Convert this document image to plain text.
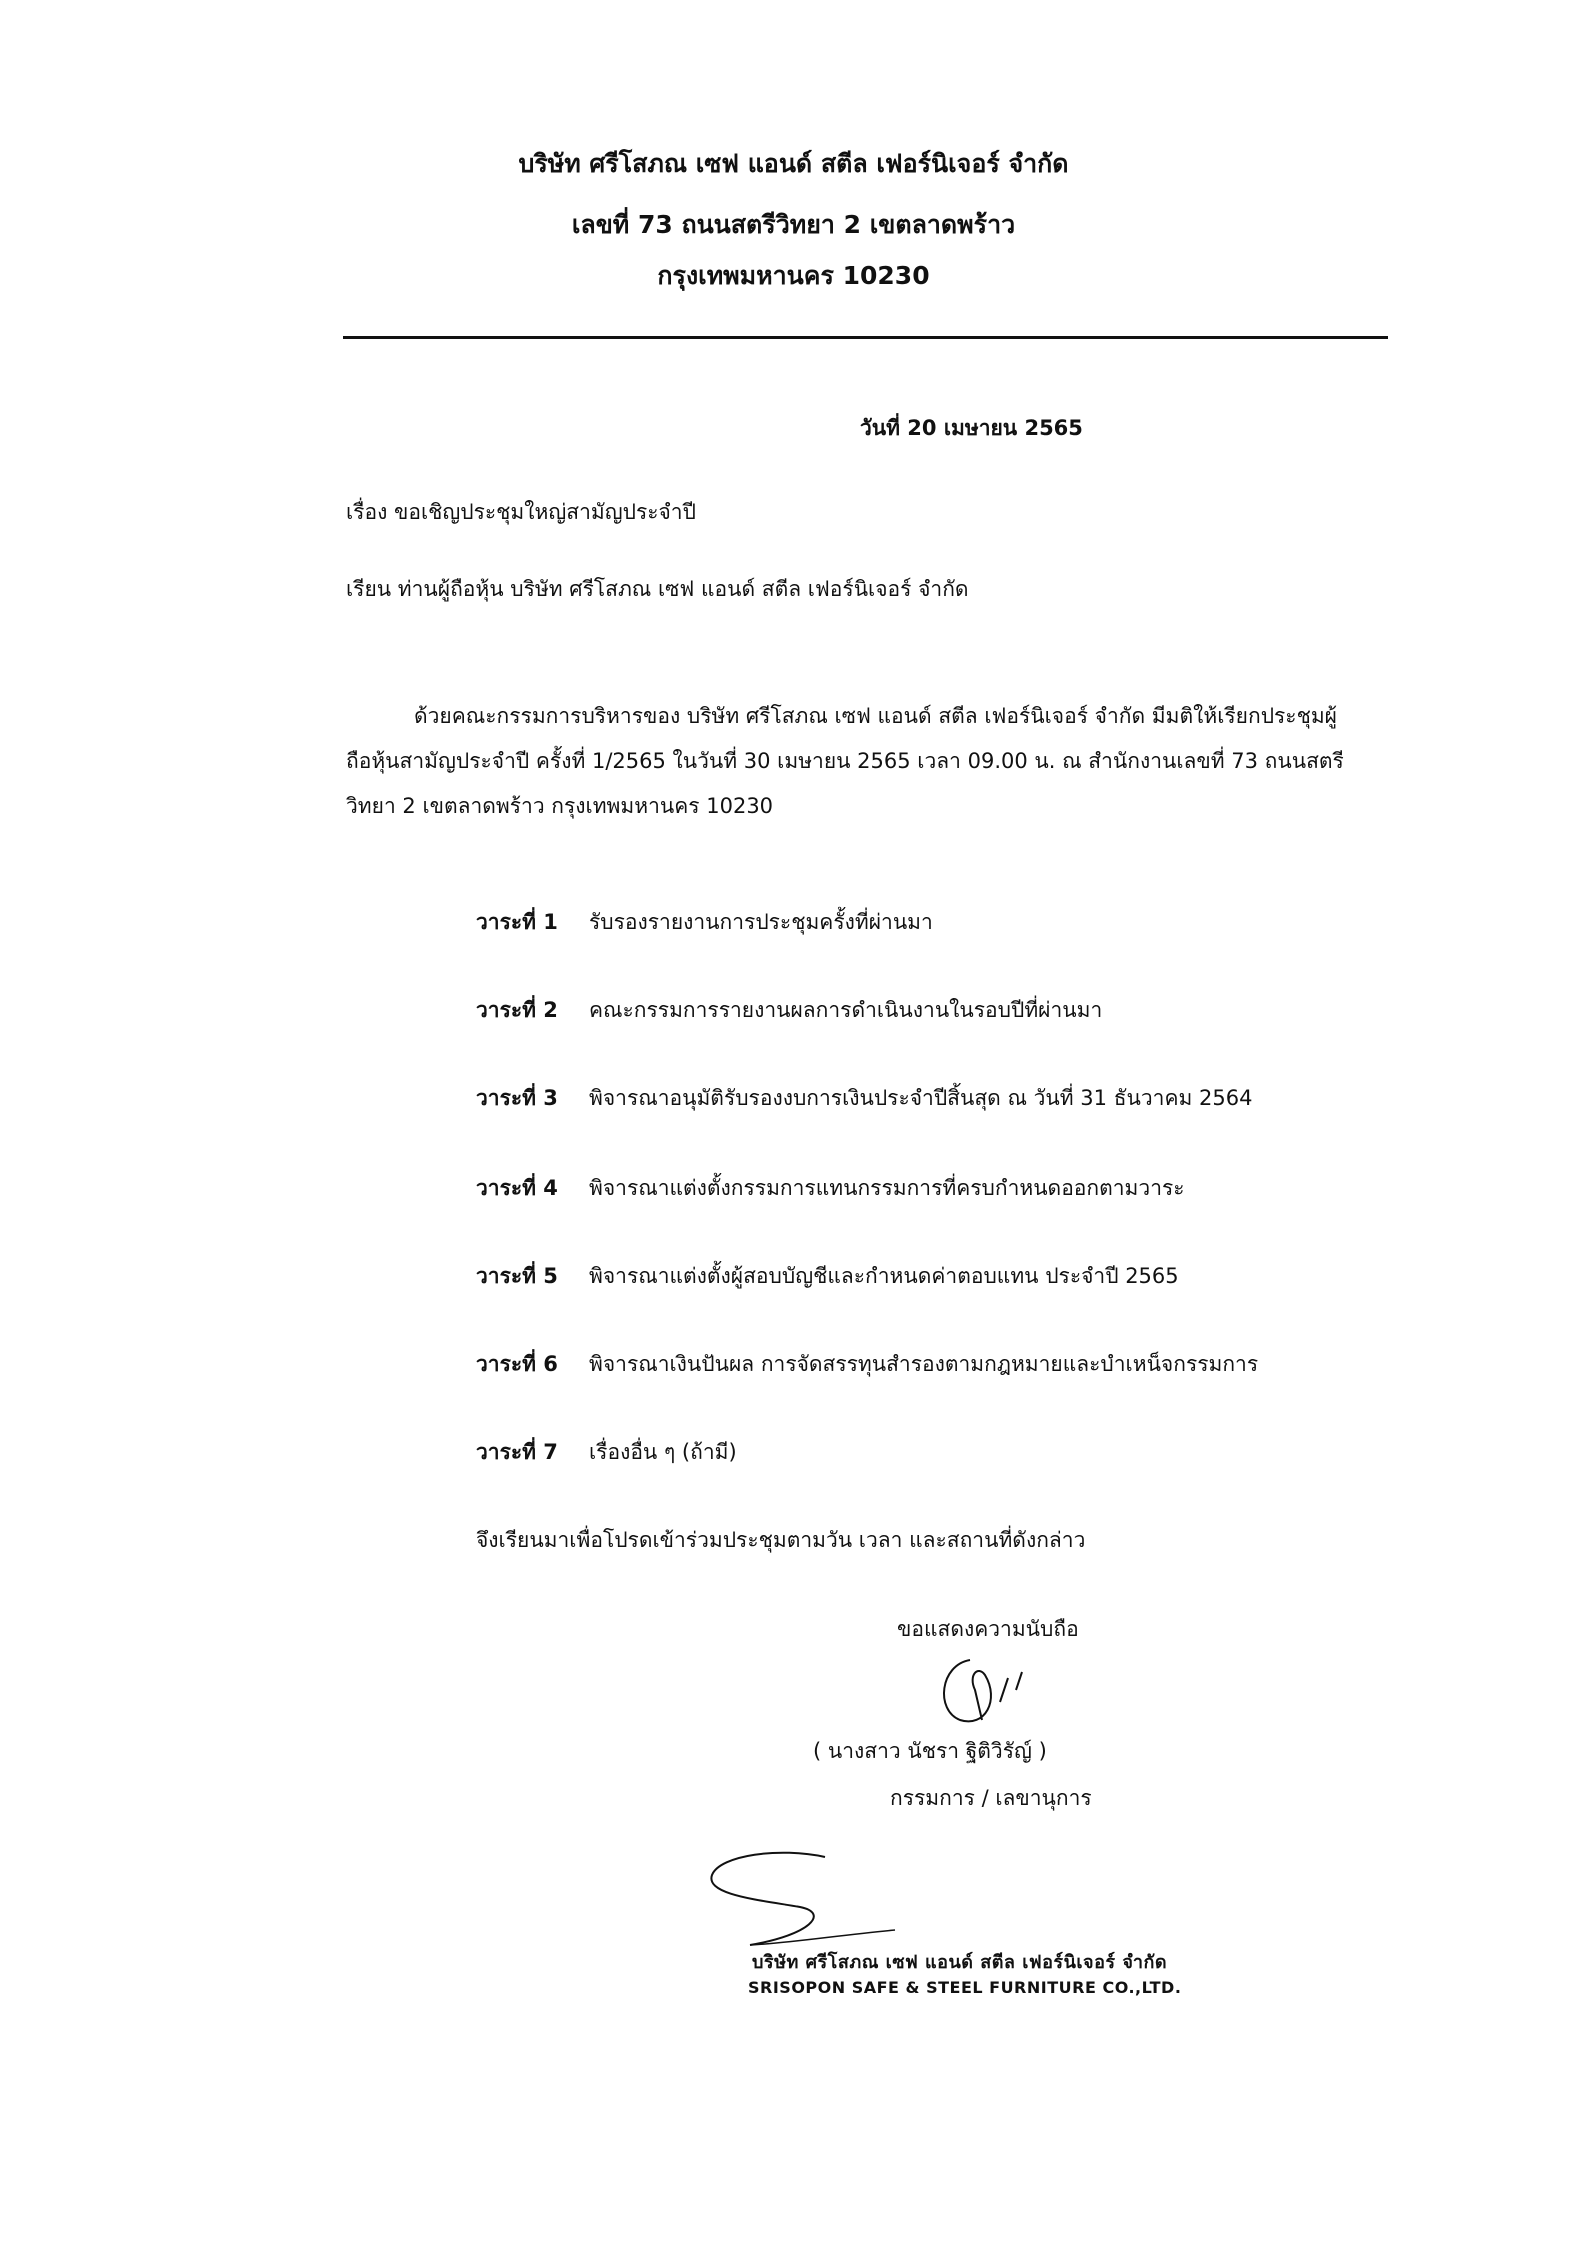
บริษัท ศรีโสภณ เซฟ แอนด์ สตีล เฟอร์นิเจอร์ จำกัด
เลขที่ 73 ถนนสตรีวิทยา 2 เขตลาดพร้าว
กรุงเทพมหานคร 10230
วันที่ 20 เมษายน 2565
เรื่อง ขอเชิญประชุมใหญ่สามัญประจำปี
เรียน ท่านผู้ถือหุ้น บริษัท ศรีโสภณ เซฟ แอนด์ สตีล เฟอร์นิเจอร์ จำกัด
ด้วยคณะกรรมการบริหารของ บริษัท ศรีโสภณ เซฟ แอนด์ สตีล เฟอร์นิเจอร์ จำกัด มีมติให้เรียกประชุมผู้
ถือหุ้นสามัญประจำปี ครั้งที่ 1/2565 ในวันที่ 30 เมษายน 2565 เวลา 09.00 น. ณ สำนักงานเลขที่ 73 ถนนสตรี
วิทยา 2 เขตลาดพร้าว กรุงเทพมหานคร 10230
วาระที่ 1 รับรองรายงานการประชุมครั้งที่ผ่านมา
วาระที่ 2 คณะกรรมการรายงานผลการดำเนินงานในรอบปีที่ผ่านมา
วาระที่ 3 พิจารณาอนุมัติรับรองงบการเงินประจำปีสิ้นสุด ณ วันที่ 31 ธันวาคม 2564
วาระที่ 4 พิจารณาแต่งตั้งกรรมการแทนกรรมการที่ครบกำหนดออกตามวาระ
วาระที่ 5 พิจารณาแต่งตั้งผู้สอบบัญชีและกำหนดค่าตอบแทน ประจำปี 2565
วาระที่ 6 พิจารณาเงินปันผล การจัดสรรทุนสำรองตามกฎหมายและบำเหน็จกรรมการ
วาระที่ 7 เรื่องอื่น ๆ (ถ้ามี)
จึงเรียนมาเพื่อโปรดเข้าร่วมประชุมตามวัน เวลา และสถานที่ดังกล่าว
ขอแสดงความนับถือ
( นางสาว นัชรา ฐิติวิรัญ์ )
กรรมการ / เลขานุการ
บริษัท ศรีโสภณ เซฟ แอนด์ สตีล เฟอร์นิเจอร์ จำกัด
SRISOPON SAFE & STEEL FURNITURE CO.,LTD.
